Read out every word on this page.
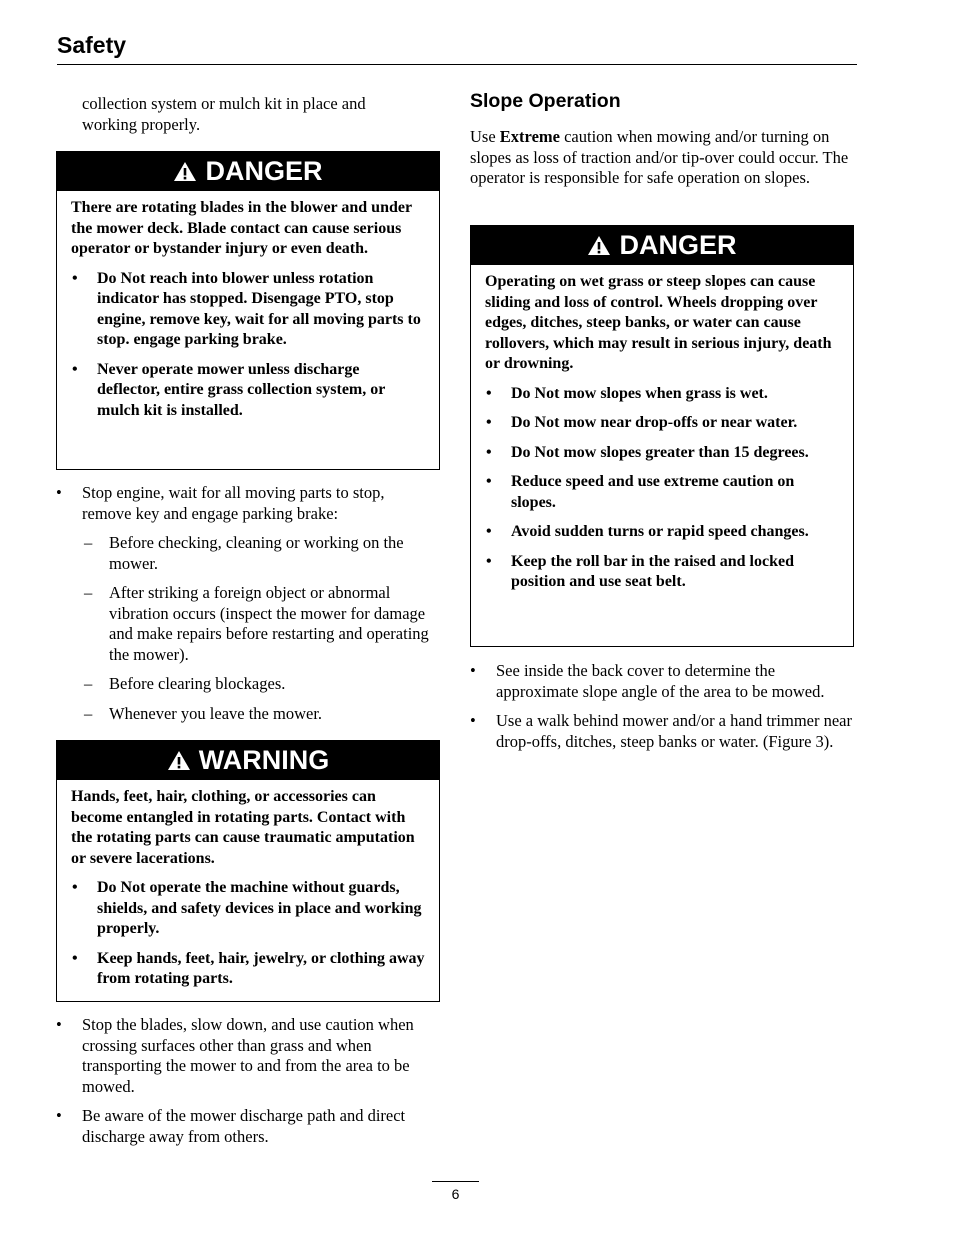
Safety

collection system or mulch kit in place and working properly.

DANGER

There are rotating blades in the blower and under the mower deck. Blade contact can cause serious operator or bystander injury or even death.

• Do Not reach into blower unless rotation indicator has stopped. Disengage PTO, stop engine, remove key, wait for all moving parts to stop. engage parking brake.
• Never operate mower unless discharge deflector, entire grass collection system, or mulch kit is installed.
• Stop engine, wait for all moving parts to stop, remove key and engage parking brake:
– Before checking, cleaning or working on the mower.
– After striking a foreign object or abnormal vibration occurs (inspect the mower for damage and make repairs before restarting and operating the mower).
– Before clearing blockages.
– Whenever you leave the mower.
WARNING

Hands, feet, hair, clothing, or accessories can become entangled in rotating parts. Contact with the rotating parts can cause traumatic amputation or severe lacerations.

• Do Not operate the machine without guards, shields, and safety devices in place and working properly.
• Keep hands, feet, hair, jewelry, or clothing away from rotating parts.
• Stop the blades, slow down, and use caution when crossing surfaces other than grass and when transporting the mower to and from the area to be mowed.
• Be aware of the mower discharge path and direct discharge away from others.
Slope Operation

Use Extreme caution when mowing and/or turning on slopes as loss of traction and/or tip-over could occur. The operator is responsible for safe operation on slopes.

DANGER

Operating on wet grass or steep slopes can cause sliding and loss of control. Wheels dropping over edges, ditches, steep banks, or water can cause rollovers, which may result in serious injury, death or drowning.

• Do Not mow slopes when grass is wet.
• Do Not mow near drop-offs or near water.
• Do Not mow slopes greater than 15 degrees.
• Reduce speed and use extreme caution on slopes.
• Avoid sudden turns or rapid speed changes.
• Keep the roll bar in the raised and locked position and use seat belt.
• See inside the back cover to determine the approximate slope angle of the area to be mowed.
• Use a walk behind mower and/or a hand trimmer near drop-offs, ditches, steep banks or water. (Figure 3).
6
